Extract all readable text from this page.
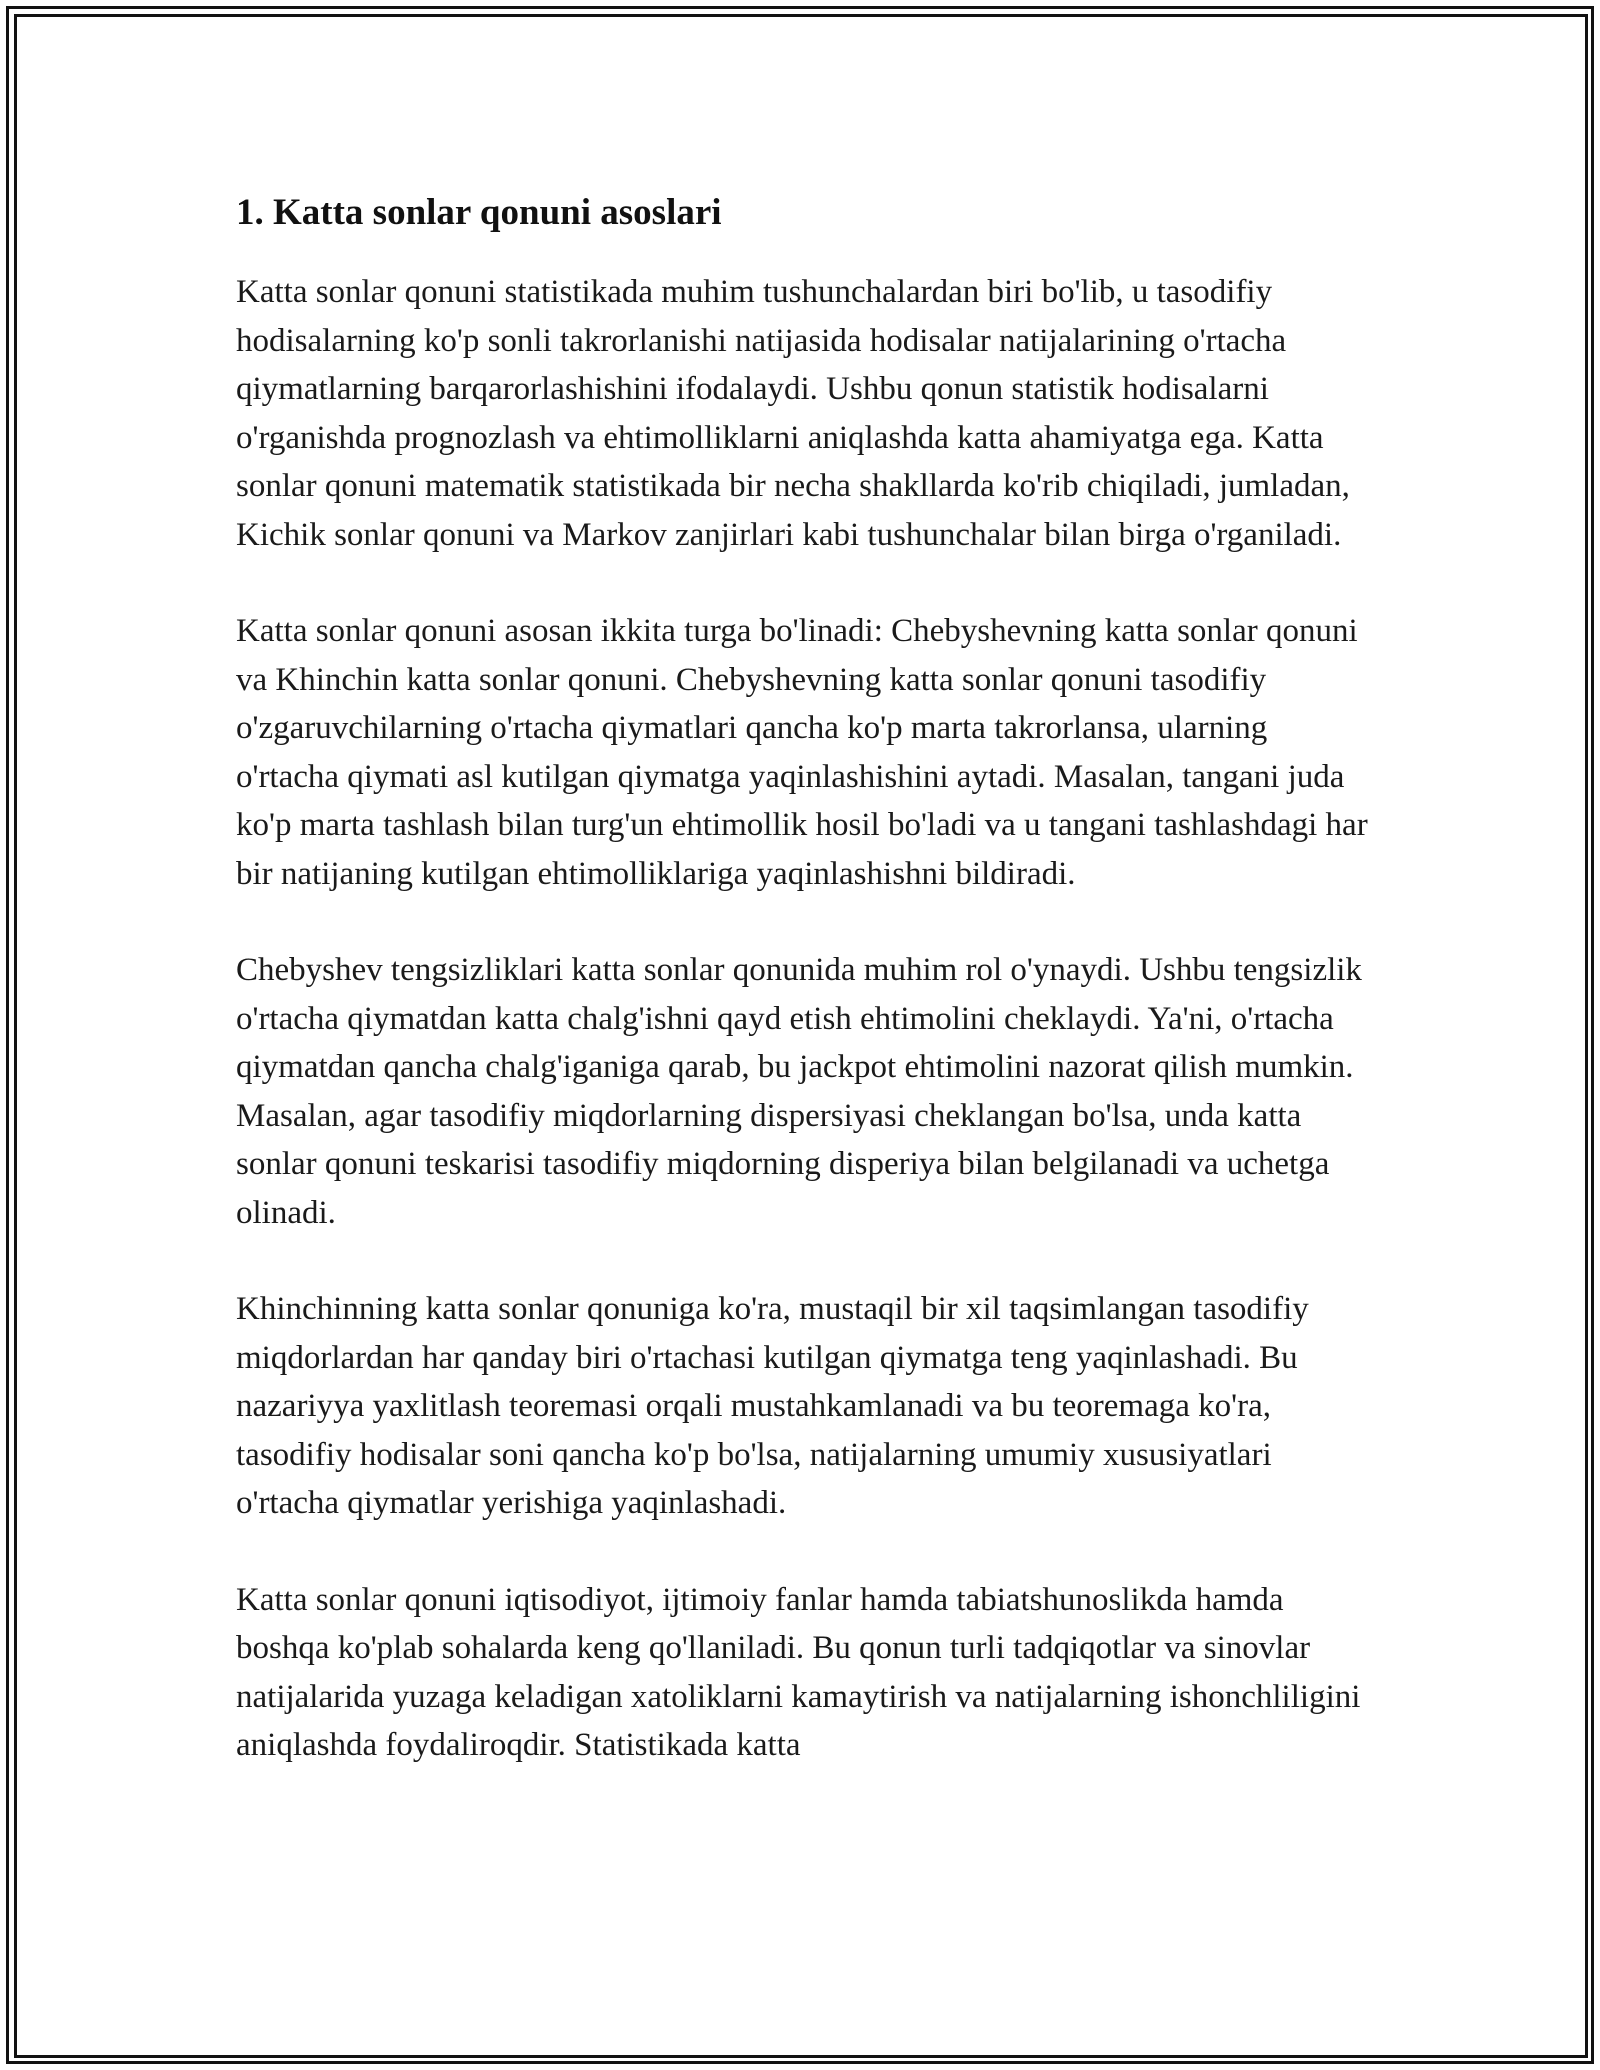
1. Katta sonlar qonuni asoslari

Katta sonlar qonuni statistikada muhim tushunchalardan biri bo'lib, u tasodifiy hodisalarning ko'p sonli takrorlanishi natijasida hodisalar natijalarining o'rtacha qiymatlarning barqarorlashishini ifodalaydi. Ushbu qonun statistik hodisalarni o'rganishda prognozlash va ehtimolliklarni aniqlashda katta ahamiyatga ega. Katta sonlar qonuni matematik statistikada bir necha shakllarda ko'rib chiqiladi, jumladan, Kichik sonlar qonuni va Markov zanjirlari kabi tushunchalar bilan birga o'rganiladi.

Katta sonlar qonuni asosan ikkita turga bo'linadi: Chebyshevning katta sonlar qonuni va Khinchin katta sonlar qonuni. Chebyshevning katta sonlar qonuni tasodifiy o'zgaruvchilarning o'rtacha qiymatlari qancha ko'p marta takrorlansa, ularning o'rtacha qiymati asl kutilgan qiymatga yaqinlashishini aytadi. Masalan, tangani juda ko'p marta tashlash bilan turg'un ehtimollik hosil bo'ladi va u tangani tashlashdagi har bir natijaning kutilgan ehtimolliklariga yaqinlashishni bildiradi.

Chebyshev tengsizliklari katta sonlar qonunida muhim rol o'ynaydi. Ushbu tengsizlik o'rtacha qiymatdan katta chalg'ishni qayd etish ehtimolini cheklaydi. Ya'ni, o'rtacha qiymatdan qancha chalg'iganiga qarab, bu jackpot ehtimolini nazorat qilish mumkin. Masalan, agar tasodifiy miqdorlarning dispersiyasi cheklangan bo'lsa, unda katta sonlar qonuni teskarisi tasodifiy miqdorning disperiya bilan belgilanadi va uchetga olinadi.

Khinchinning katta sonlar qonuniga ko'ra, mustaqil bir xil taqsimlangan tasodifiy miqdorlardan har qanday biri o'rtachasi kutilgan qiymatga teng yaqinlashadi. Bu nazariyya yaxlitlash teoremasi orqali mustahkamlanadi va bu teoremaga ko'ra, tasodifiy hodisalar soni qancha ko'p bo'lsa, natijalarning umumiy xususiyatlari o'rtacha qiymatlar yerishiga yaqinlashadi.

Katta sonlar qonuni iqtisodiyot, ijtimoiy fanlar hamda tabiatshunoslikda hamda boshqa ko'plab sohalarda keng qo'llaniladi. Bu qonun turli tadqiqotlar va sinovlar natijalarida yuzaga keladigan xatoliklarni kamaytirish va natijalarning ishonchliligini aniqlashda foydaliroqdir. Statistikada katta
